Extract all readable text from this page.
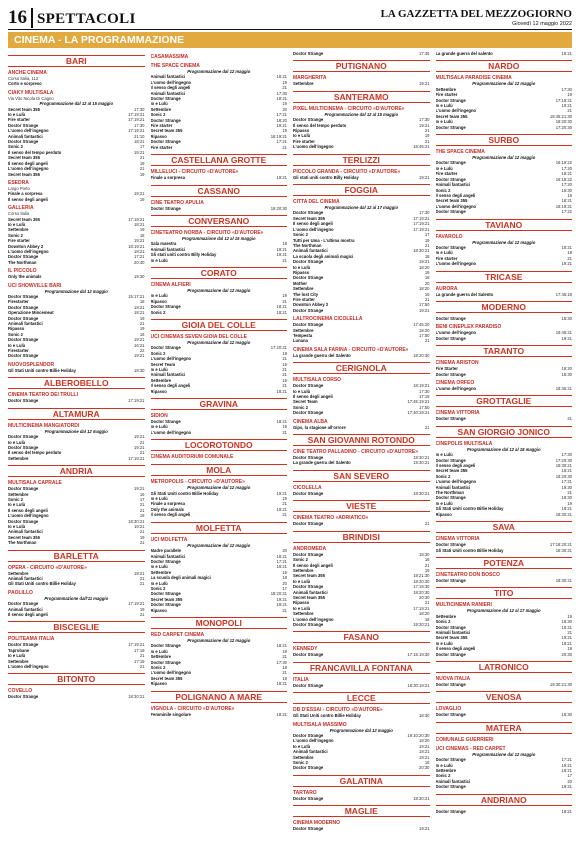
16 SPETTACOLI	LA GAZZETTA DEL MEZZOGIORNO
Giovedì 12 maggio 2022
CINEMA - LA PROGRAMMAZIONE
BARI
ANCHE CINEMA
Corso Italia, 112
Corto e sorpreso
CIAKY MULTISALA
Via Vito Nicola Di Cagno
Programmazione dal 12 al 15 maggio
Secret team 355	17:30
Io e Lulù	17:19:21
Fire starter	17:19:21
Doctor Strange	17:30
L'uomo dell'ingegno	17:19:21
Animali fantastici	21:10
Doctor Strange	18:21
Sonic 2	17
Il senso del tempo perduto	19:21
Secret team 355	21
Il senso degli angeli	19
L'uomo dell'ingegno	21
Secret team 355	19
ESEDRA
Largo Porto
Finale a sorpresa	19:21
Il senso degli angeli	19
GALLERIA
Corso Italia
Secret team 355	17:19:21
Io e Lulù	18:21
Settembre	19
Sonic 2	18
Fire starter	19:21
Downton Abbey 2	18:19:21
L'uomo dell'ingegno	18:21
Doctor Strange	17:21
The Northman	20:40
IL PICCOLO
Only the animals	19:30
UCI SHOWVILLE BARI
Programmazione dal 12 maggio
Doctor Strange	15:17:21
Firestarter	18
Doctor Strange	18:21
Operazione Mincemeat	18:21
Doctor Strange	19
Animali fantastici	21
Ripasso	19
Sonic 2	16
Doctor Strange	19:21
Io e Lulù	16:21
Firestarter	22
Doctor Strange	19:21
NUOVOSPLENDOR
Gli Stati Uniti contro Billie Holiday	18:30
ALBEROBELLO
CINEMA TEATRO DEI TRULLI
Doctor Strange	17:19:21
ALTAMURA
MULTICINEMA MANGIATORDI
Programmazione dal 12 maggio
Doctor Strange	19:21
Io e Lulù	21
Doctor Strange	19:21
Il senso del tempo perduto	21
Settembre	17:19:21
ANDRIA
MULTISALA CAPRALE
Doctor Strange	19:21
Settembre	19
Sonic 2	17
Io e Lulù	21
Il senso degli angeli	21
L'uomo dell'ingegno	19
Doctor Strange	18:30:21
Io e Lulù	19:21
Animali fantastici	21
Secret team 355	19
The Northman	21
BARLETTA
OPERA - CIRCUITO «D'AUTORE»
Settembre	18:21
Animali fantastici	21
Gli Stati Uniti contro Billie Holiday	21
PAOLILLO
Programmazione dall'11 maggio
Doctor Strange	17:19:21
Animali fantastici	19
Il senso degli angeli	21
BISCEGLIE
POLITEAMA ITALIA
Doctor Strange	17:19:21
Taprobane	17:19
Io e Lulù	21
Settembre	17:19
L'uomo dell'ingegno	21
BITONTO
COVELLO
Doctor Strange	18:30:21
CASAMASSIMA
THE SPACE CINEMA
Programmazione dal 12 maggio
Animali fantastici	18:21
L'uomo dell'ingegno	19
Il senso degli angeli	21
Animali fantastici	17:30
Doctor Strange	18:21
Io e Lulù	19
Settembre	20
Sonic 2	17:21
Doctor Strange	18:20
Fire starter	19:21
Secret team 355	19
Ripasso	18:19:21
Doctor Strange	17:21
Fire starter	21
CASTELLANA GROTTE
MILLELUCI - CIRCUITO «D'AUTORE»
Finale a sorpresa	19:21
CASSANO
CINE TEATRO APULIA
Doctor Strange	19:20:30
CONVERSANO
CINETEATRO NORBA - CIRCUITO «D'AUTORE»
Programmazione dal 12 al 15 maggio
Sala maestra	18
Animali fantastici	18:21
Gli stati uniti contro Billy Holiday	19:21
Io e Lulù	21
CORATO
CINEMA ALFIERI
Programmazione dal 12 maggio
Io e Lulù	19
Ripasso	21
Doctor Strange	18:21
Sonic 2	18:21
GIOIA DEL COLLE
UCI CINEMAS SEVEN GIOIA DEL COLLE
Programmazione dal 12 maggio
Doctor Strange	17:20:21
Sonic 2	18
L'uomo dell'ingegno	21
Secret Team	19
Io e Lulù	21
Animali fantastici	21
Settembre	19
Il senso degli angeli	21
Ripasso	18:21
GRAVINA
SIDION
Doctor Strange	18:21
Io e Lulù	19
L'uomo dell'ingegno	21
LOCOROTONDO
CINEMA AUDITORIUM COMUNALE
MOLA
METROPOLIS - CIRCUITO «D'AUTORE»
Programmazione dal 12 maggio
Gli Stati Uniti contro Billie Holiday	19:21
Io e Lulù	19
Finale a sorpresa	21
Only the animals	19:21
Il senso degli angeli	21
MOLFETTA
UCI MOLFETTA
Programmazione dal 12 maggio
Madre parallele	20
Animali fantastici	18:21
Doctor Strange	17:21
Io e Lulù	18:21
Settembre	19
La scuola degli animali magici	18
Io e Lulù	20
Sonic 2	17
Doctor Strange	18:20:21
Secret team 355	19:21
Doctor Strange	18:21
Ripasso	21
MONOPOLI
RED CARPET CINEMA
Programmazione dal 12 maggio
Doctor Strange	18:21
Io e Lulù	19
Settembre	21
Doctor Strange	17:30
Sonic 2	18
L'uomo dell'ingegno	21
Secret team 355	19
Ripasso	18:21
POLIGNANO A MARE
VIGNOLA - CIRCUITO «D'AUTORE»
Femminile singolare	18:21
Doctor Strange	17:45
PUTIGNANO
MARGHERITA
Settembre	19:21
SANTERAMO
PIXEL MULTICINEMA - CIRCUITO «D'AUTORE»
Programmazione dal 12 al 15 maggio
Doctor Strange	17:30
Il senso del tempo perduto	19:21
Ripasso	21
Io e Lulù	19
Fire starter	21
L'uomo dell'ingegno	18:45:21
TERLIZZI
PICCOLO GRANDA - CIRCUITO «D'AUTORE»
Gli stati uniti contro Billy Holiday	19:21
FOGGIA
CITTA DEL CINEMA
Programmazione dal 12 al 17 maggio
Doctor Strange	17:30
Secret team 355	17:19:21
Il senso degli angeli	17:19:21
L'uomo dell'ingegno	17:19:21
Sonic 2	17
Tutti per Uma - L'ultima mostra	19
The Northman	21
Animali fantastici	18:30:21
La scuola degli animali magici	18
Doctor Strange	19:21
Io e Lulù	18:20
Ripasso	19
Doctor Strange	18
Mother	20
Settembre	18:20
The lost City	19
Fire starter	21
Downton Abbey 2	17:50
Doctor Strange	19:21
LALTROCINEMA CICOLELLA
Doctor Strange	17:45:20
Settembre	18:20
Tempesta	17:50
Lunana	21
CINEMA SALA FARINA - CIRCUITO «D'AUTORE»
La grande guerra del Salento	18:20:30
CERIGNOLA
MULTISALA CORSO
Doctor Strange	18:19:21
Io e Lulù	17:30
Il senso degli angeli	17:19
Secret Team	17:45:19:21
Sonic 2	17:50
Doctor Strange	17:40:19:21
CINEMA ALBA
Gips, la stagione all'orrore	21
SAN GIOVANNI ROTONDO
CINE TEATRO PALLADINO - CIRCUITO «D'AUTORE»
Doctor Strange	18:30:21
La grande guerra del Salento	19:30:21
SAN SEVERO
CICOLELLA
Doctor Strange	18:30:21
VIESTE
CINEMA TEATRO «ADRIATICO»
Doctor Strange	21
BRINDISI
ANDROMEDA
Doctor Strange	18:30
Sonic 2	18
Il senso degli angeli	21
Settembre	19
Secret team 355	19:21:30
Io e Lulù	18:20:30
Doctor Strange	17:19:30
Animali fantastici	18:20:30
Secret team 355	20:30
Ripasso	21
Io e Lulù	17:19:21
Settembre	18:20
L'uomo dell'ingegno	18
Doctor Strange	19:30:21
FASANO
KENNEDY
Doctor Strange	17:15:19:30
FRANCAVILLA FONTANA
ITALIA
Doctor Strange	18:30:19:21
LECCE
DB D'ESSAI - CIRCUITO «D'AUTORE»
Gli Stati Uniti contro Billie Holiday	18:30
MULTISALA MASSIMO
Programmazione dal 12 maggio
Doctor Strange	18:10:20:30
L'uomo dell'ingegno	18:20
Io e Lulù	19:21
Animali fantastici	18:21
Settembre	19:21
Sonic 2	18
Doctor Strange	20:30
GALATINA
TARTARO
Doctor Strange	18:30:21
MAGLIE
CINEMA MODERNO
Doctor Strange	19:21
La grande guerra del salento	18:21
NARDO
MULTISALA PARADISE CINEMA
Programmazione dal 12 maggio
Settembre	17:30
Fire starter	19
Doctor Strange	17:19:21
Io e Lulù	19:21
L'uomo dell'ingegno	21
Secret team 355	18:45:21:30
Io e Lulù	18:20:30
Doctor Strange	17:20:30
SURBO
THE SPACE CINEMA
Programmazione dal 12 maggio
Doctor Strange	16:19:22
Io e Lulù	17:20
Fire starter	18:21
Doctor Strange	16:18:22
Animali fantastici	17:20
Sonic 2	16:30
Il senso degli angeli	19
Secret team 355	18:21
L'uomo dell'ingegno	16:19:21
Doctor Strange	17:22
TAVIANO
FAVAROLO
Programmazione dal 12 maggio
Doctor Strange	18:21
Io e Lulù	19
Fire starter	21
L'uomo dell'ingegno	19:21
TRICASE
AURORA
La grande guerra del Salento	17:45:18
MODERNO
Doctor Strange	18:30
BENI CINEPLEX PARADISO
L'uomo dell'ingegno	19:45:21
Doctor Strange	19:21
TARANTO
CINEMA ARISTON
Fire Starter	18:20
Doctor Strange	18:30
CINEMA ORFEO
L'uomo dell'ingegno	18:45:21
GROTTAGLIE
CINEMA VITTORIA
Doctor Strange	21
SAN GIORGIO JONICO
CINEPOLIS MULTISALA
Programmazione dal 12 al 18 maggio
Io e Lulù	17:30
Doctor Strange	17:20:30
Il senso degli angeli	18:30:21
Secret team 355	18:21
Sonic 2	18:20:30
L'uomo dell'ingegno	17:21
Animali fantastici	19:30
The Northman	21
Doctor Strange	18:30
Io e Lulù	19
Gli Stati Uniti contro Billie Holiday	18:21
Ripasso	18:30:21
SAVA
CINEMA VITTORIA
Doctor Strange	17:18:20:21
Gli Stati Uniti contro Billie Holiday	18:30:21
POTENZA
CINETEATRO DON BOSCO
Doctor Strange	18:30:21
TITO
MULTICINEMA RANIERI
Programmazione dal 12 al 17 maggio
Settembre	19
Sonic 2	18:30
Doctor Strange	18:21
Animali fantastici	21
Secret team 355	19:21
Io e Lulù	18:21
Il senso degli angeli	19
Doctor Strange	20:30
LATRONICO
NUOVA ITALIA
Doctor Strange	19:30:21:30
VENOSA
LOVAGLIO
Doctor Strange	18:30
MATERA
COMUNALE GUERRIERI
UCI CINEMAS - RED CARPET
Programmazione dal 12 maggio
Doctor Strange	17:21
Io e Lulù	19:21
Settembre	18:21
Sonic 2	17
Animali fantastici	20
Doctor Strange	19:21
ANDRIANO
Doctor Strange	18:21
